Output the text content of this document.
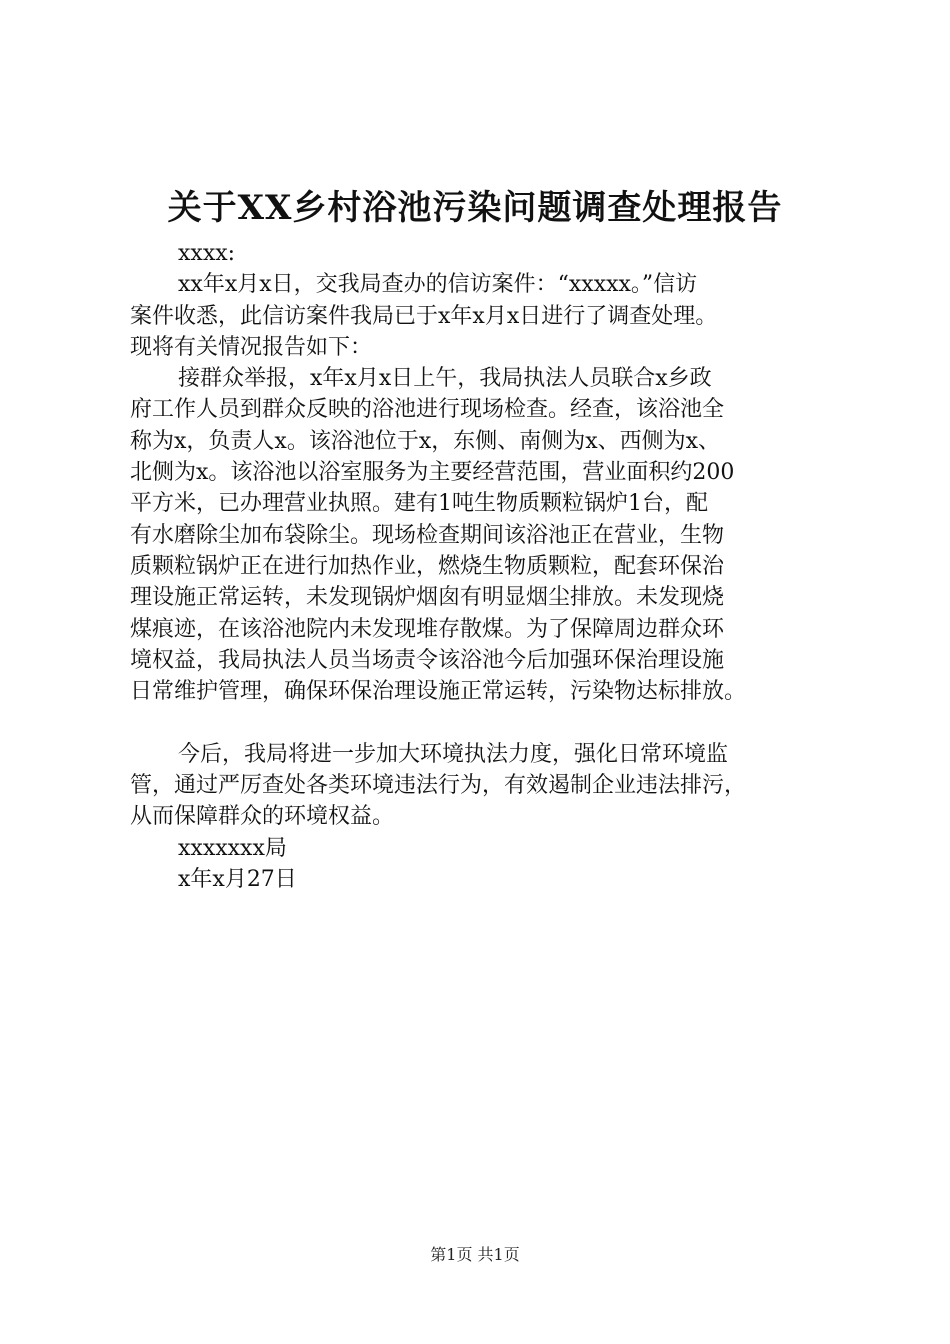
关于XX乡村浴池污染问题调查处理报告
xxxx:
xx年x月x日，交我局查办的信访案件：“xxxxx。”信访
案件收悉，此信访案件我局已于x年x月x日进行了调查处理。
现将有关情况报告如下：
接群众举报，x年x月x日上午，我局执法人员联合x乡政
府工作人员到群众反映的浴池进行现场检查。经查，该浴池全
称为x，负责人x。该浴池位于x，东侧、南侧为x、西侧为x、
北侧为x。该浴池以浴室服务为主要经营范围，营业面积约200
平方米，已办理营业执照。建有1吨生物质颗粒锅炉1台，配
有水磨除尘加布袋除尘。现场检查期间该浴池正在营业，生物
质颗粒锅炉正在进行加热作业，燃烧生物质颗粒，配套环保治
理设施正常运转，未发现锅炉烟囱有明显烟尘排放。未发现烧
煤痕迹，在该浴池院内未发现堆存散煤。为了保障周边群众环
境权益，我局执法人员当场责令该浴池今后加强环保治理设施
日常维护管理，确保环保治理设施正常运转，污染物达标排放。
今后，我局将进一步加大环境执法力度，强化日常环境监
管，通过严厉查处各类环境违法行为，有效遏制企业违法排污，
从而保障群众的环境权益。
xxxxxxx局
x年x月27日
第1页 共1页
